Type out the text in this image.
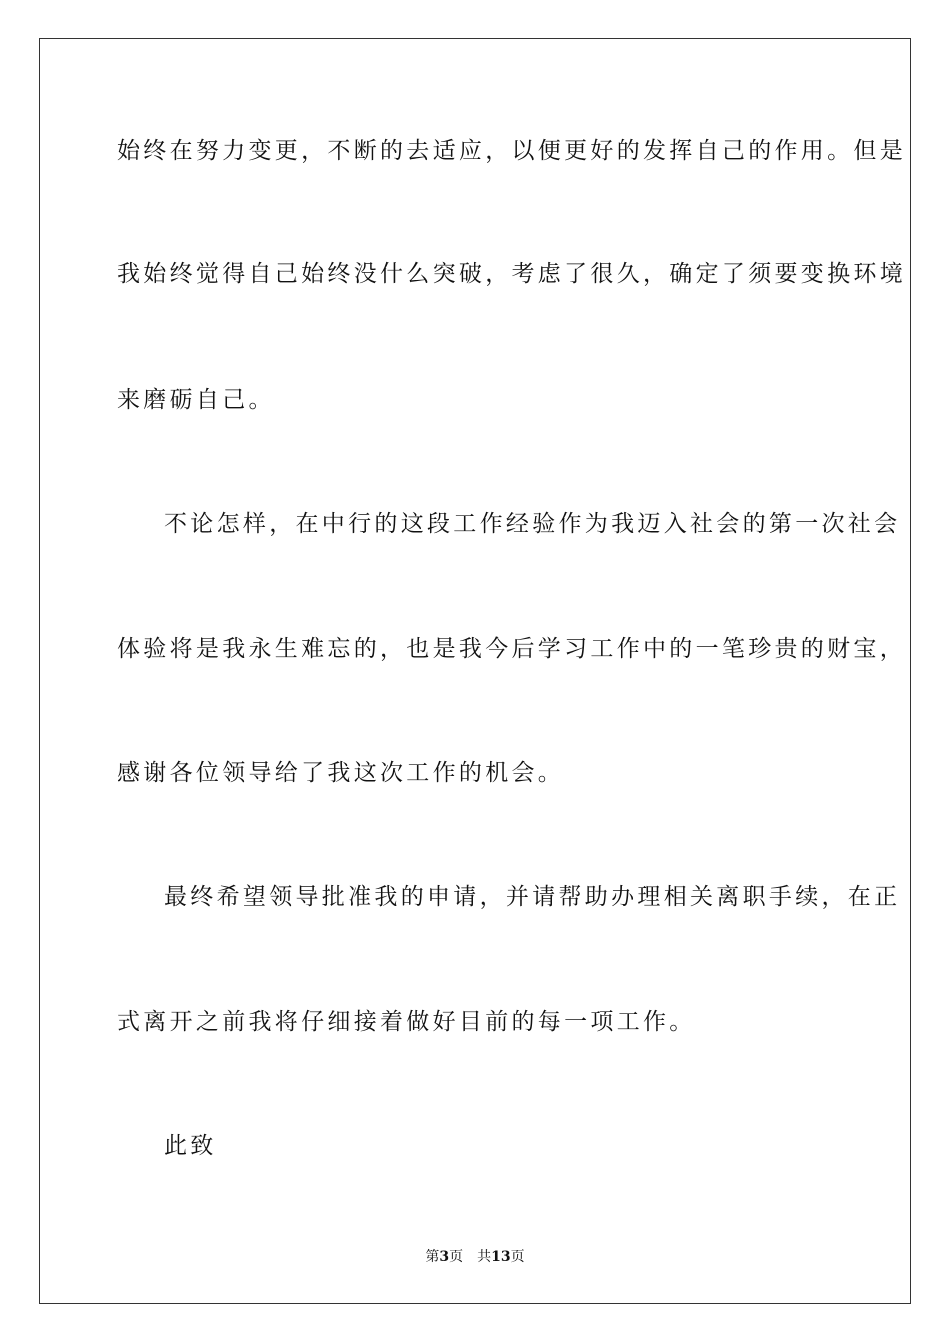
始终在努力变更，不断的去适应，以便更好的发挥自己的作用。但是
我始终觉得自己始终没什么突破，考虑了很久，确定了须要变换环境
来磨砺自己。
不论怎样，在中行的这段工作经验作为我迈入社会的第一次社会
体验将是我永生难忘的，也是我今后学习工作中的一笔珍贵的财宝，
感谢各位领导给了我这次工作的机会。
最终希望领导批准我的申请，并请帮助办理相关离职手续，在正
式离开之前我将仔细接着做好目前的每一项工作。
此致
第3页 共13页
